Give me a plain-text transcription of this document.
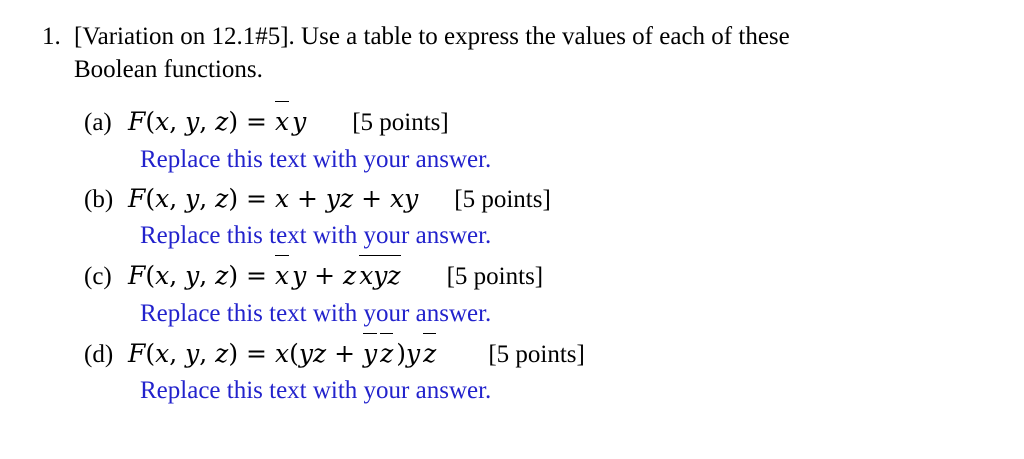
1. [Variation on 12.1#5]. Use a table to express the values of each of these
Boolean functions.
(a) F(x, y, z) = x y [5 points]
Replace this text with your answer.
(b) F(x, y, z) = x + yz + xy [5 points]
Replace this text with your answer.
(c) F(x, y, z) = x y + z xyz [5 points]
Replace this text with your answer.
(d) F(x, y, z) = x(yz + y z )y z [5 points]
Replace this text with your answer.
